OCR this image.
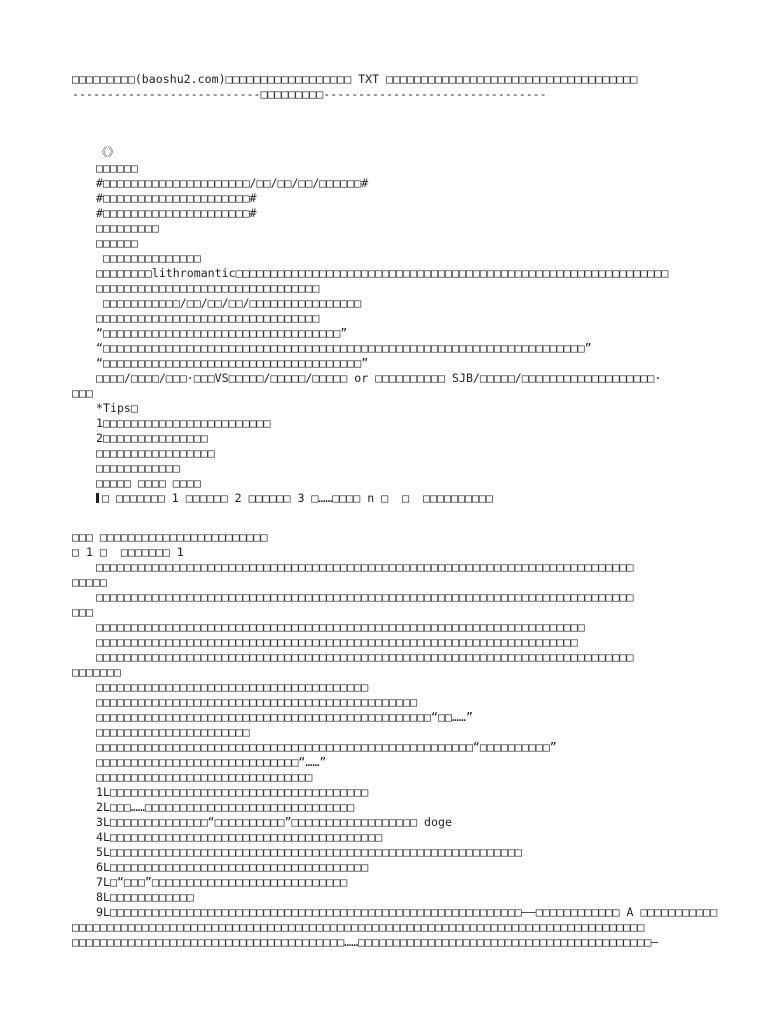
□□□□□□□□□(baoshu2.com)□□□□□□□□□□□□□□□□□□ TXT □□□□□□□□□□□□□□□□□□□□□□□□□□□□□□□□□□□□
---------------------------□□□□□□□□□--------------------------------
《》
□□□□□□
#□□□□□□□□□□□□□□□□□□□□□/□□/□□/□□/□□□□□□#
#□□□□□□□□□□□□□□□□□□□□□#
#□□□□□□□□□□□□□□□□□□□□□#
□□□□□□□□□
□□□□□□
□□□□□□□□□□□□□□
□□□□□□□□lithromantic□□□□□□□□□□□□□□□□□□□□□□□□□□□□□□□□□□□□□□□□□□□□□□□□□□□□□□□□□□□□□□
□□□□□□□□□□□□□□□□□□□□□□□□□□□□□□□□
□□□□□□□□□□□/□□/□□/□□/□□□□□□□□□□□□□□□□
□□□□□□□□□□□□□□□□□□□□□□□□□□□□□□□□
“□□□□□□□□□□□□□□□□□□□□□□□□□□□□□□□□□□”
“□□□□□□□□□□□□□□□□□□□□□□□□□□□□□□□□□□□□□□□□□□□□□□□□□□□□□□□□□□□□□□□□□□□□□”
“□□□□□□□□□□□□□□□□□□□□□□□□□□□□□□□□□□□□□”
□□□□/□□□□/□□□·□□□VS□□□□□/□□□□□/□□□□□ or □□□□□□□□□□ SJB/□□□□□/□□□□□□□□□□□□□□□□□□□·
□□□
*Tips□
1□□□□□□□□□□□□□□□□□□□□□□□□
2□□□□□□□□□□□□□□□
□□□□□□□□□□□□□□□□□
□□□□□□□□□□□□
□□□□□ □□□□ □□□□
□ □□□□□□□ 1 □□□□□□ 2 □□□□□□ 3 □……□□□□ n □  □  □□□□□□□□□□
□□□ □□□□□□□□□□□□□□□□□□□□□□□□
□ 1 □  □□□□□□□ 1
□□□□□□□□□□□□□□□□□□□□□□□□□□□□□□□□□□□□□□□□□□□□□□□□□□□□□□□□□□□□□□□□□□□□□□□□□□□□□
□□□□□
□□□□□□□□□□□□□□□□□□□□□□□□□□□□□□□□□□□□□□□□□□□□□□□□□□□□□□□□□□□□□□□□□□□□□□□□□□□□□
□□□
□□□□□□□□□□□□□□□□□□□□□□□□□□□□□□□□□□□□□□□□□□□□□□□□□□□□□□□□□□□□□□□□□□□□□□
□□□□□□□□□□□□□□□□□□□□□□□□□□□□□□□□□□□□□□□□□□□□□□□□□□□□□□□□□□□□□□□□□□□□□
□□□□□□□□□□□□□□□□□□□□□□□□□□□□□□□□□□□□□□□□□□□□□□□□□□□□□□□□□□□□□□□□□□□□□□□□□□□□□
□□□□□□□
□□□□□□□□□□□□□□□□□□□□□□□□□□□□□□□□□□□□□□□
□□□□□□□□□□□□□□□□□□□□□□□□□□□□□□□□□□□□□□□□□□□□□□
□□□□□□□□□□□□□□□□□□□□□□□□□□□□□□□□□□□□□□□□□□□□□□□□“□□……”
□□□□□□□□□□□□□□□□□□□□□□
□□□□□□□□□□□□□□□□□□□□□□□□□□□□□□□□□□□□□□□□□□□□□□□□□□□□□□“□□□□□□□□□□”
□□□□□□□□□□□□□□□□□□□□□□□□□□□□□“……”
□□□□□□□□□□□□□□□□□□□□□□□□□□□□□□□
1L□□□□□□□□□□□□□□□□□□□□□□□□□□□□□□□□□□□□□
2L□□□……□□□□□□□□□□□□□□□□□□□□□□□□□□□□□□
3L□□□□□□□□□□□□□□“□□□□□□□□□□”□□□□□□□□□□□□□□□□□□ doge
4L□□□□□□□□□□□□□□□□□□□□□□□□□□□□□□□□□□□□□□□
5L□□□□□□□□□□□□□□□□□□□□□□□□□□□□□□□□□□□□□□□□□□□□□□□□□□□□□□□□□□□
6L□□□□□□□□□□□□□□□□□□□□□□□□□□□□□□□□□□□□□
7L□“□□□”□□□□□□□□□□□□□□□□□□□□□□□□□□□□
8L□□□□□□□□□□□□
9L□□□□□□□□□□□□□□□□□□□□□□□□□□□□□□□□□□□□□□□□□□□□□□□□□□□□□□□□□□□——□□□□□□□□□□□□ A □□□□□□□□□□□
□□□□□□□□□□□□□□□□□□□□□□□□□□□□□□□□□□□□□□□□□□□□□□□□□□□□□□□□□□□□□□□□□□□□□□□□□□□□□□□□□□
□□□□□□□□□□□□□□□□□□□□□□□□□□□□□□□□□□□□□□□……□□□□□□□□□□□□□□□□□□□□□□□□□□□□□□□□□□□□□□□□□□—
